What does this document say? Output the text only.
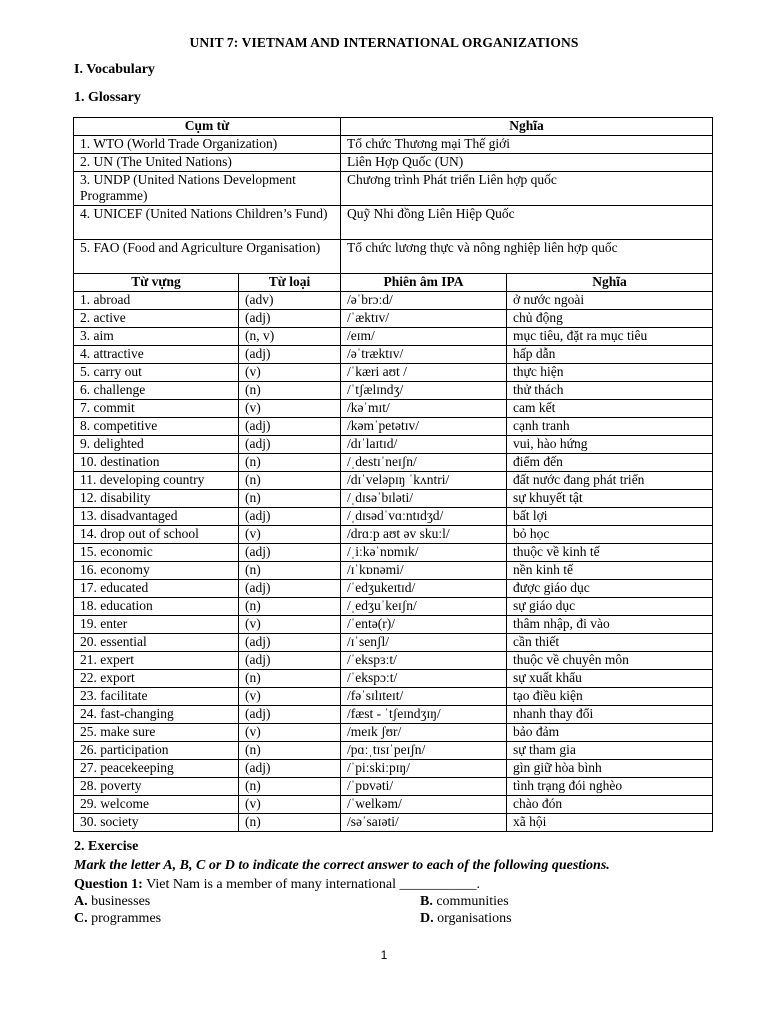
UNIT 7: VIETNAM AND INTERNATIONAL ORGANIZATIONS
I. Vocabulary
1. Glossary
Cụm từ		Nghĩa	
1. WTO (World Trade Organization)		Tổ chức Thương mại Thế giới	
2. UN (The United Nations)		Liên Hợp Quốc (UN)	
3. UNDP (United Nations Development Programme)		Chương trình Phát triển Liên hợp quốc	
4. UNICEF (United Nations Children’s Fund)		Quỹ Nhi đồng Liên Hiệp Quốc	
5. FAO (Food and Agriculture Organisation)		Tổ chức lương thực và nông nghiệp liên hợp quốc	
Từ vựng	Từ loại	Phiên âm IPA	Nghĩa
1. abroad	(adv)	/əˈbrɔːd/	ở nước ngoài
2. active	(adj)	/ˈæktɪv/	chủ động
3. aim	(n, v)	/eɪm/	mục tiêu, đặt ra mục tiêu
4. attractive	(adj)	/əˈtræktɪv/	hấp dẫn
5. carry out	(v)	/ˈkæri aʊt /	thực hiện
6. challenge	(n)	/ˈtʃælɪndʒ/	thử thách
7. commit	(v)	/kəˈmɪt/	cam kết
8. competitive	(adj)	/kəmˈpetətɪv/	cạnh tranh
9. delighted	(adj)	/dɪˈlaɪtɪd/	vui, hào hứng
10. destination	(n)	/ˌdestɪˈneɪʃn/	điểm đến
11. developing country	(n)	/dɪˈveləpɪŋ ˈkʌntri/	đất nước đang phát triển
12. disability	(n)	/ˌdɪsəˈbɪləti/	sự khuyết tật
13. disadvantaged	(adj)	/ˌdɪsədˈvɑːntɪdʒd/	bất lợi
14. drop out of school	(v)	/drɑːp aʊt əv skuːl/	bỏ học
15. economic	(adj)	/ˌiːkəˈnɒmɪk/	thuộc về kinh tế
16. economy	(n)	/ɪˈkɒnəmi/	nền kinh tế
17. educated	(adj)	/ˈedʒukeɪtɪd/	được giáo dục
18. education	(n)	/ˌedʒuˈkeɪʃn/	sự giáo dục
19. enter	(v)	/ˈentə(r)/	thâm nhập, đi vào
20. essential	(adj)	/ɪˈsenʃl/	cần thiết
21. expert	(adj)	/ˈekspɜːt/	thuộc về chuyên môn
22. export	(n)	/ˈekspɔːt/	sự xuất khẩu
23. facilitate	(v)	/fəˈsɪlɪteɪt/	tạo điều kiện
24. fast-changing	(adj)	/fæst - ˈtʃeɪndʒɪŋ/	nhanh thay đổi
25. make sure	(v)	/meɪk ʃʊr/	bảo đảm
26. participation	(n)	/pɑːˌtɪsɪˈpeɪʃn/	sự tham gia
27. peacekeeping	(adj)	/ˈpiːskiːpɪŋ/	gìn giữ hòa bình
28. poverty	(n)	/ˈpɒvəti/	tình trạng đói nghèo
29. welcome	(v)	/ˈwelkəm/	chào đón
30. society	(n)	/səˈsaɪəti/	xã hội
2. Exercise
Mark the letter A, B, C or D to indicate the correct answer to each of the following questions.
Question 1: Viet Nam is a member of many international ___________.
A. businesses	B. communities
C. programmes	D. organisations
1
